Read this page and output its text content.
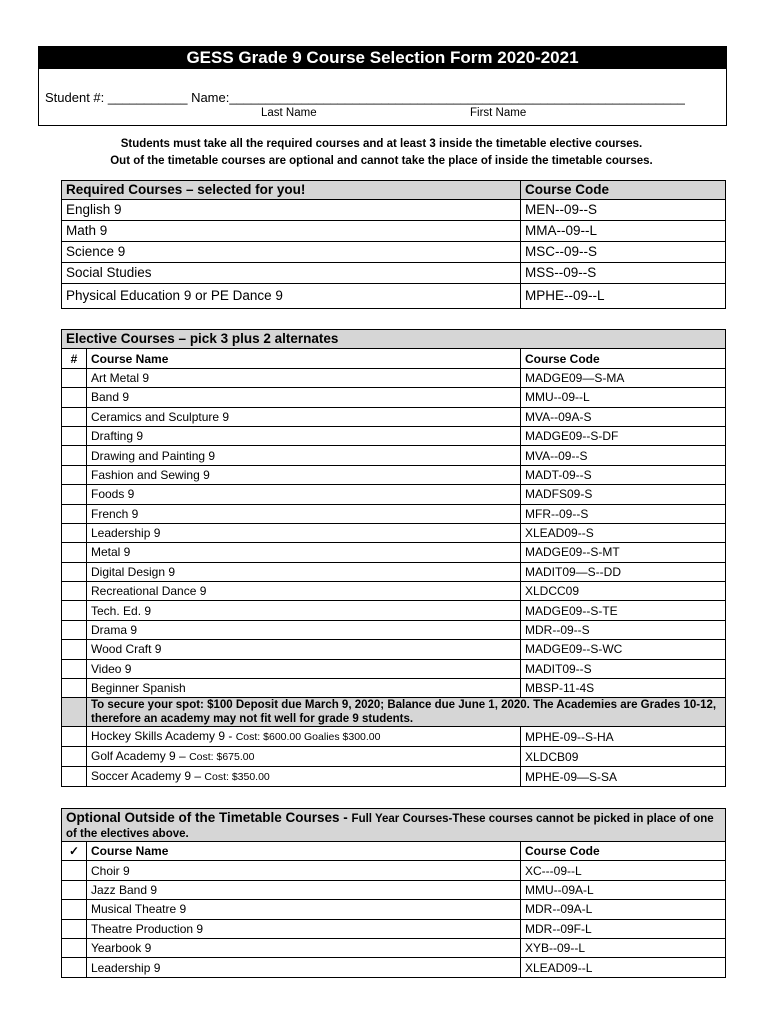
GESS Grade 9 Course Selection Form 2020-2021
Student #: ___________ Name:_______________________________________________________________
Last Name	First Name
Students must take all the required courses and at least 3 inside the timetable elective courses.
Out of the timetable courses are optional and cannot take the place of inside the timetable courses.
Required Courses – selected for you!	Course Code
English 9	MEN--09--S
Math 9	MMA--09--L
Science 9	MSC--09--S
Social Studies	MSS--09--S
Physical Education 9 or PE Dance 9	MPHE--09--L
Elective Courses – pick 3 plus 2 alternates		
#	Course Name	Course Code
	Art Metal 9	MADGE09—S-MA
	Band 9	MMU--09--L
	Ceramics and Sculpture 9	MVA--09A-S
	Drafting 9	MADGE09--S-DF
	Drawing and Painting 9	MVA--09--S
	Fashion and Sewing 9	MADT-09--S
	Foods 9	MADFS09-S
	French 9	MFR--09--S
	Leadership 9	XLEAD09--S
	Metal 9	MADGE09--S-MT
	Digital Design 9	MADIT09—S--DD
	Recreational Dance 9	XLDCC09
	Tech. Ed. 9	MADGE09--S-TE
	Drama 9	MDR--09--S
	Wood Craft 9	MADGE09--S-WC
	Video 9	MADIT09--S
	Beginner Spanish	MBSP-11-4S
	To secure your spot: $100 Deposit due March 9, 2020; Balance due June 1, 2020. The Academies are Grades 10-12, therefore an academy may not fit well for grade 9 students.	
	Hockey Skills Academy 9 - Cost: $600.00 Goalies $300.00	MPHE-09--S-HA
	Golf Academy 9 – Cost: $675.00	XLDCB09
	Soccer Academy 9 – Cost: $350.00	MPHE-09—S-SA
Optional Outside of the Timetable Courses - Full Year Courses-These courses cannot be picked in place of one of the electives above.		
✓	Course Name	Course Code
	Choir 9	XC---09--L
	Jazz Band 9	MMU--09A-L
	Musical Theatre 9	MDR--09A-L
	Theatre Production 9	MDR--09F-L
	Yearbook 9	XYB--09--L
	Leadership 9	XLEAD09--L
